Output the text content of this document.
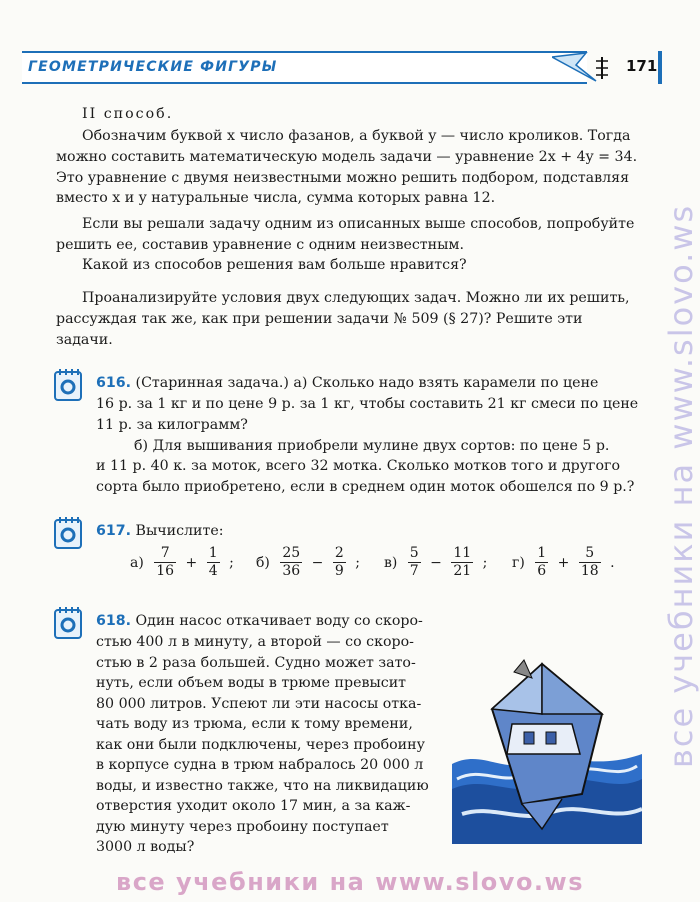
ГЕОМЕТРИЧЕСКИЕ ФИГУРЫ	171
II способ.
Обозначим буквой x число фазанов, а буквой y — число кроликов. Тогда
можно составить математическую модель задачи — уравнение 2x + 4y = 34.
Это уравнение с двумя неизвестными можно решить подбором, подставляя
вместо x и y натуральные числа, сумма которых равна 12.
Если вы решали задачу одним из описанных выше способов, попробуйте
решить ее, составив уравнение с одним неизвестным.
Какой из способов решения вам больше нравится?
Проанализируйте условия двух следующих задач. Можно ли их решить,
рассуждая так же, как при решении задачи № 509 (§ 27)? Решите эти
задачи.
616. (Старинная задача.) а) Сколько надо взять карамели по цене
16 р. за 1 кг и по цене 9 р. за 1 кг, чтобы составить 21 кг смеси по цене
11 р. за килограмм?
б) Для вышивания приобрели мулине двух сортов: по цене 5 р.
и 11 р. 40 к. за моток, всего 32 мотка. Сколько мотков того и другого
сорта было приобретено, если в среднем один моток обошелся по 9 р.?
617. Вычислите:
$а) \frac{7}{16} + \frac{1}{4}$ ; $б) \frac{25}{36} - \frac{2}{9}$ ; $в) \frac{5}{7} - \frac{11}{21}$ ; $г) \frac{1}{6} + \frac{5}{18}$ .
618. Один насос откачивает воду со скоро-
стью 400 л в минуту, а второй — со скоро-
стью в 2 раза большей. Судно может зато-
нуть, если объем воды в трюме превысит
80 000 литров. Успеют ли эти насосы отка-
чать воду из трюма, если к тому времени,
как они были подключены, через пробоину
в корпусе судна в трюм набралось 20 000 л
воды, и известно также, что на ликвидацию
отверстия уходит около 17 мин, а за каж-
дую минуту через пробоину поступает
3000 л воды?
все учебники на www.slovo.ws
все учебники на www.slovo.ws
